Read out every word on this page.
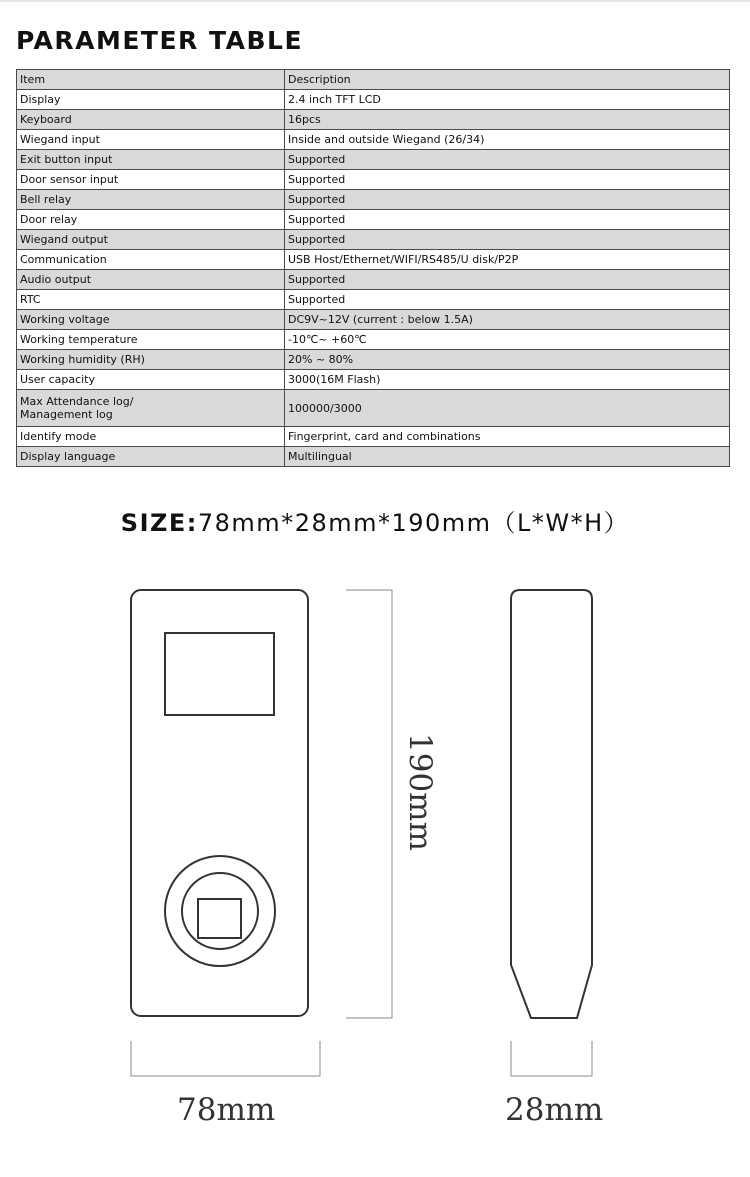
PARAMETER TABLE
Item	Description
Display	2.4 inch TFT LCD
Keyboard	16pcs
Wiegand input	Inside and outside Wiegand (26/34)
Exit button input	Supported
Door sensor input	Supported
Bell relay	Supported
Door relay	Supported
Wiegand output	Supported
Communication	USB Host/Ethernet/WIFI/RS485/U disk/P2P
Audio output	Supported
RTC	Supported
Working voltage	DC9V~12V (current : below 1.5A)
Working temperature	-10℃~ +60℃
Working humidity (RH)	20% ~ 80%
User capacity	3000(16M Flash)
Max Attendance log/
Management log	100000/3000
Identify mode	Fingerprint, card and combinations
Display language	Multilingual
SIZE:78mm*28mm*190mm（L*W*H）
190mm
78mm	28mm
